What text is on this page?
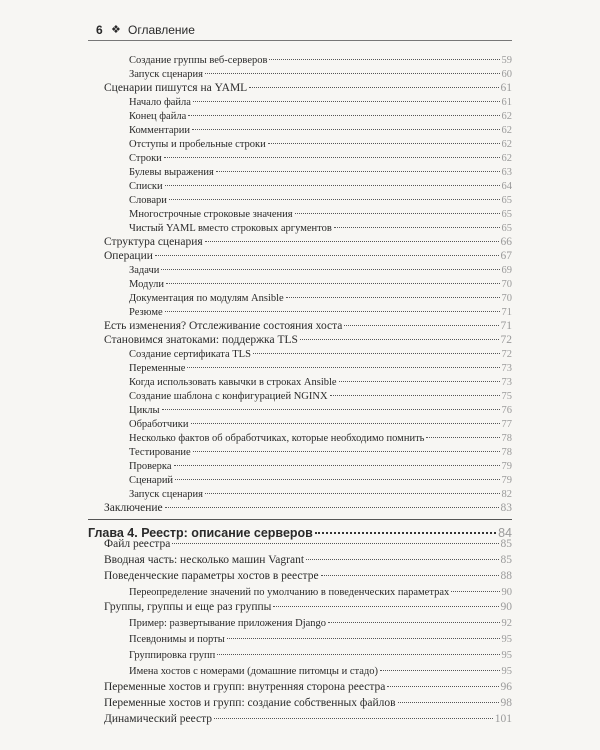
6 ❖ Оглавление
Создание группы веб-серверов	59
Запуск сценария	60
Сценарии пишутся на YAML	61
Начало файла	61
Конец файла	62
Комментарии	62
Отступы и пробельные строки	62
Строки	62
Булевы выражения	63
Списки	64
Словари	65
Многострочные строковые значения	65
Чистый YAML вместо строковых аргументов	65
Структура сценария	66
Операции	67
Задачи	69
Модули	70
Документация по модулям Ansible	70
Резюме	71
Есть изменения? Отслеживание состояния хоста	71
Становимся знатоками: поддержка TLS	72
Создание сертификата TLS	72
Переменные	73
Когда использовать кавычки в строках Ansible	73
Создание шаблона с конфигурацией NGINX	75
Циклы	76
Обработчики	77
Несколько фактов об обработчиках, которые необходимо помнить	78
Тестирование	78
Проверка	79
Сценарий	79
Запуск сценария	82
Заключение	83
Глава 4. Реестр: описание серверов	84
Файл реестра	85
Вводная часть: несколько машин Vagrant	85
Поведенческие параметры хостов в реестре	88
Переопределение значений по умолчанию в поведенческих параметрах	90
Группы, группы и еще раз группы	90
Пример: развертывание приложения Django	92
Псевдонимы и порты	95
Группировка групп	95
Имена хостов с номерами (домашние питомцы и стадо)	95
Переменные хостов и групп: внутренняя сторона реестра	96
Переменные хостов и групп: создание собственных файлов	98
Динамический реестр	101
